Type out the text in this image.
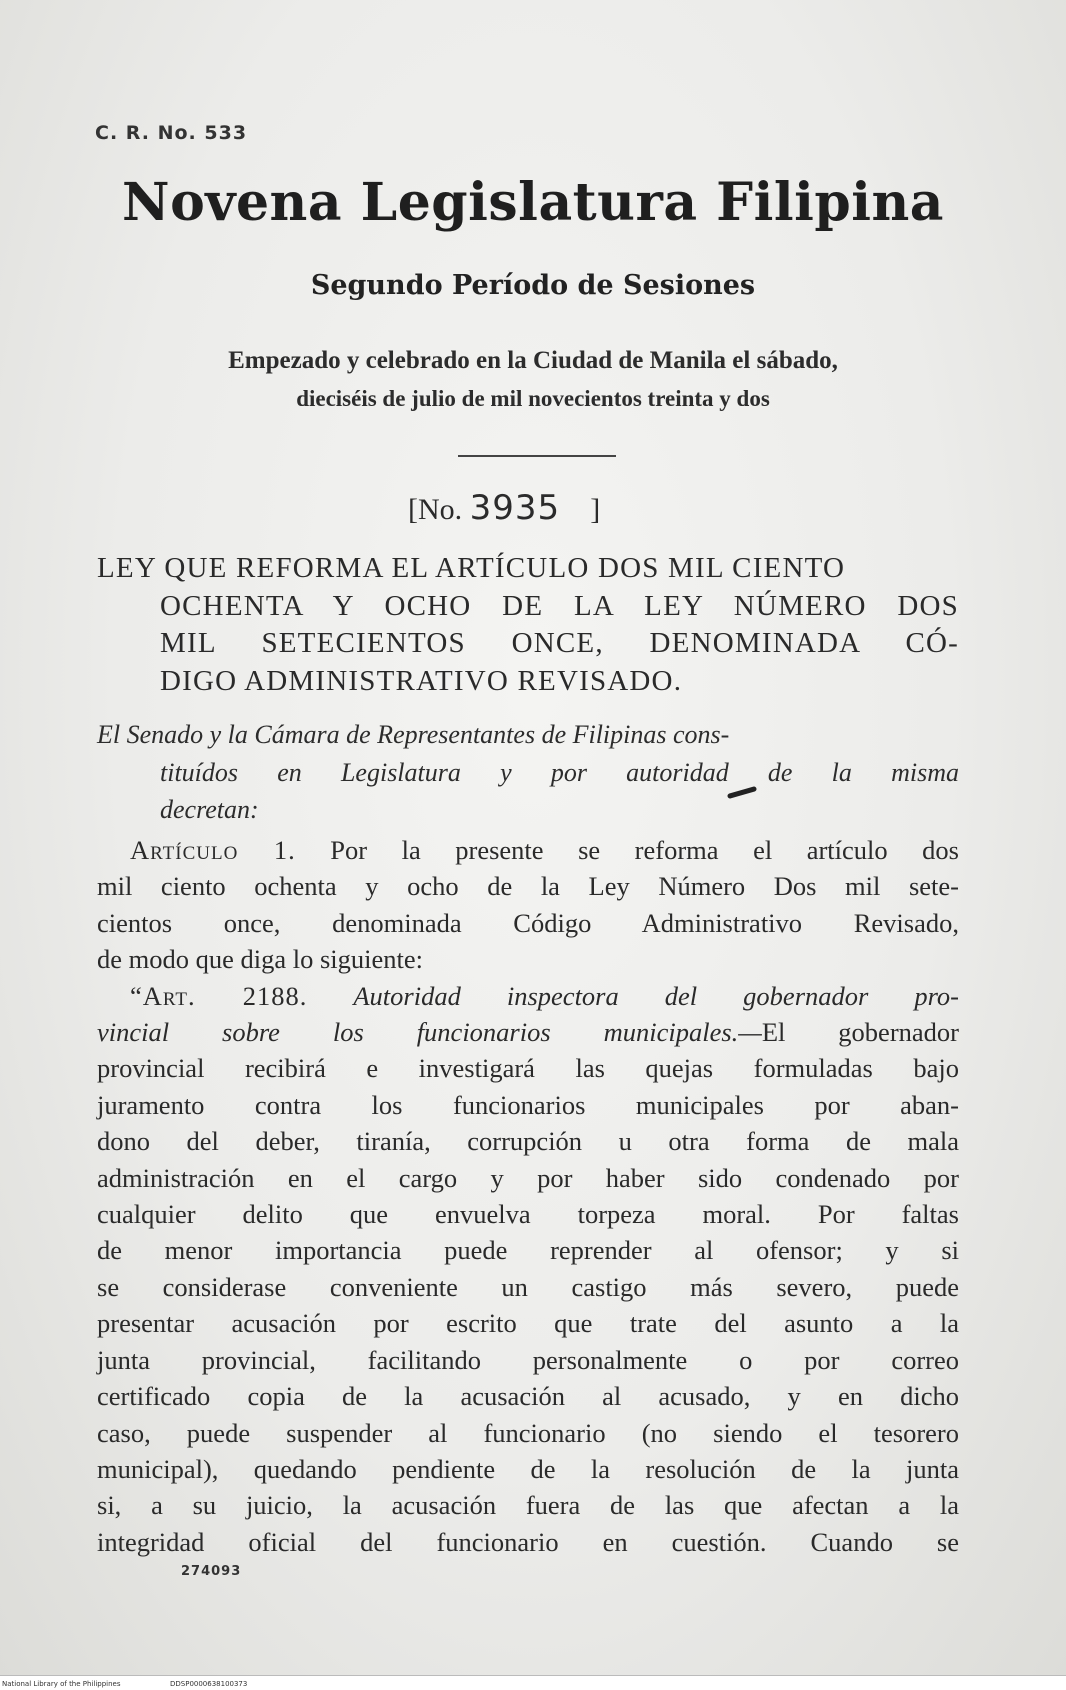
C. R. No. 533
Novena Legislatura Filipina
Segundo Período de Sesiones
Empezado y celebrado en la Ciudad de Manila el sábado,
dieciséis de julio de mil novecientos treinta y dos
[No. 3935 ]
LEY QUE REFORMA EL ARTÍCULO DOS MIL CIENTO
OCHENTA Y OCHO DE LA LEY NÚMERO DOS
MIL SETECIENTOS ONCE, DENOMINADA CÓ-
DIGO ADMINISTRATIVO REVISADO.
El Senado y la Cámara de Representantes de Filipinas cons-
tituídos en Legislatura y por autoridad de la misma
decretan:
Artículo 1. Por la presente se reforma el artículo dos
mil ciento ochenta y ocho de la Ley Número Dos mil sete-
cientos once, denominada Código Administrativo Revisado,
de modo que diga lo siguiente:
“Art. 2188. Autoridad inspectora del gobernador pro-
vincial sobre los funcionarios municipales.—El gobernador
provincial recibirá e investigará las quejas formuladas bajo
juramento contra los funcionarios municipales por aban-
dono del deber, tiranía, corrupción u otra forma de mala
administración en el cargo y por haber sido condenado por
cualquier delito que envuelva torpeza moral. Por faltas
de menor importancia puede reprender al ofensor; y si
se considerase conveniente un castigo más severo, puede
presentar acusación por escrito que trate del asunto a la
junta provincial, facilitando personalmente o por correo
certificado copia de la acusación al acusado, y en dicho
caso, puede suspender al funcionario (no siendo el tesorero
municipal), quedando pendiente de la resolución de la junta
si, a su juicio, la acusación fuera de las que afectan a la
integridad oficial del funcionario en cuestión. Cuando se
274093
National Library of the Philippines	DDSP0000638100373
